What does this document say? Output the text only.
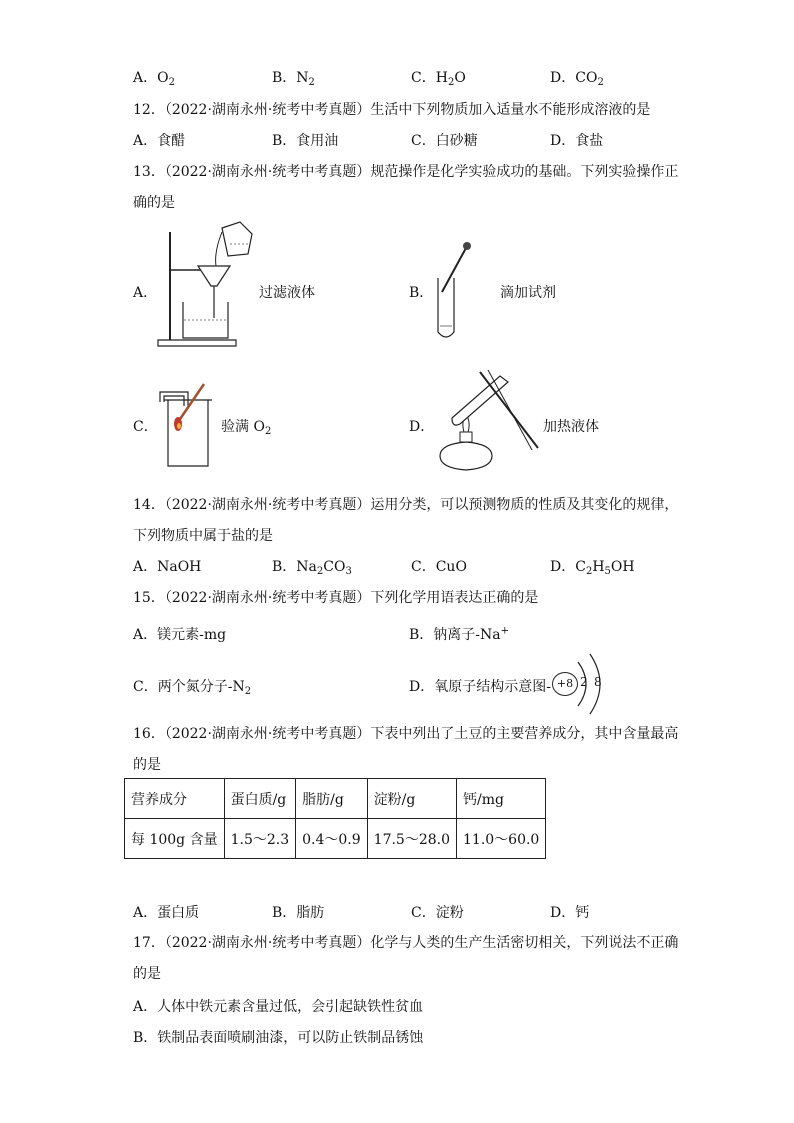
A．$O_2$	B．$N_2$	C．$H_2O$	D．$CO_2$
12．（2022·湖南永州·统考中考真题）生活中下列物质加入适量水不能形成溶液的是
A．食醋	B．食用油	C．白砂糖	D．食盐
13．（2022·湖南永州·统考中考真题）规范操作是化学实验成功的基础。下列实验操作正
确的是
A．	过滤液体	B．	滴加试剂
C．	验满 $O_2$	D．	加热液体
14．（2022·湖南永州·统考中考真题）运用分类，可以预测物质的性质及其变化的规律，
下列物质中属于盐的是
A．NaOH	B．$Na_2CO_3$	C．CuO	D．$C_2H_5OH$
15．（2022·湖南永州·统考中考真题）下列化学用语表达正确的是
A．镁元素-mg	B．钠离子-Na+
C．两个氮分子$-N_2$	D．氧原子结构示意图- +8 2 8
16．（2022·湖南永州·统考中考真题）下表中列出了土豆的主要营养成分，其中含量最高
的是
营养成分	蛋白质/g	脂肪/g	淀粉/g	钙/mg
每 100g 含量	1.5～2.3	0.4～0.9	17.5～28.0	11.0～60.0
A．蛋白质	B．脂肪	C．淀粉	D．钙
17．（2022·湖南永州·统考中考真题）化学与人类的生产生活密切相关，下列说法不正确
的是
A．人体中铁元素含量过低，会引起缺铁性贫血
B．铁制品表面喷刷油漆，可以防止铁制品锈蚀
